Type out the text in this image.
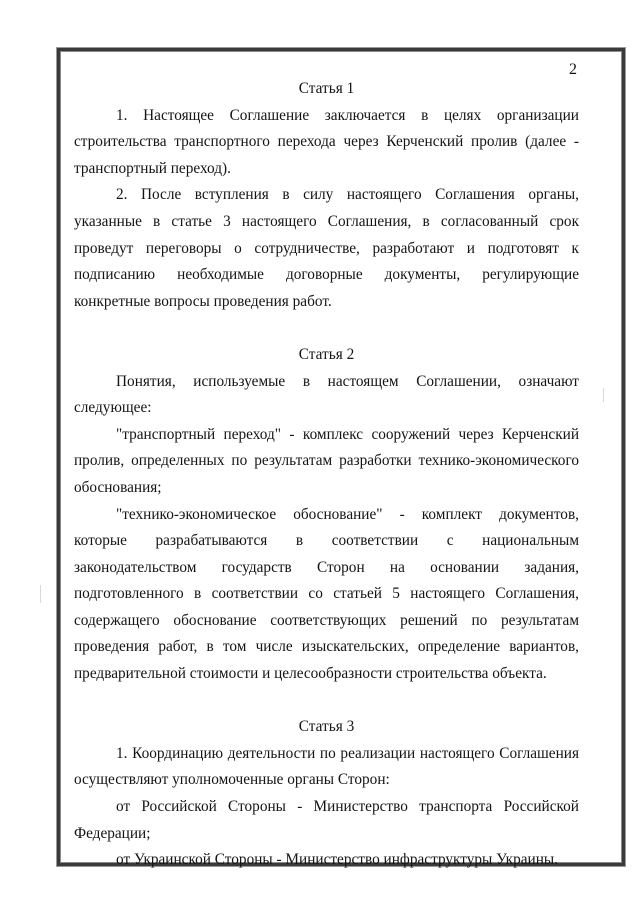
2

Статья 1

1. Настоящее Соглашение заключается в целях организации строительства транспортного перехода через Керченский пролив (далее - транспортный переход).

2. После вступления в силу настоящего Соглашения органы, указанные в статье 3 настоящего Соглашения, в согласованный срок проведут переговоры о сотрудничестве, разработают и подготовят к подписанию необходимые договорные документы, регулирующие конкретные вопросы проведения работ.

Статья 2

Понятия, используемые в настоящем Соглашении, означают следующее:

"транспортный переход" - комплекс сооружений через Керченский пролив, определенных по результатам разработки технико-экономического обоснования;

"технико-экономическое обоснование" - комплект документов, которые разрабатываются в соответствии с национальным законодательством государств Сторон на основании задания, подготовленного в соответствии со статьей 5 настоящего Соглашения, содержащего обоснование соответствующих решений по результатам проведения работ, в том числе изыскательских, определение вариантов, предварительной стоимости и целесообразности строительства объекта.

Статья 3

1. Координацию деятельности по реализации настоящего Соглашения осуществляют уполномоченные органы Сторон:

от Российской Стороны - Министерство транспорта Российской Федерации;

от Украинской Стороны - Министерство инфраструктуры Украины.
